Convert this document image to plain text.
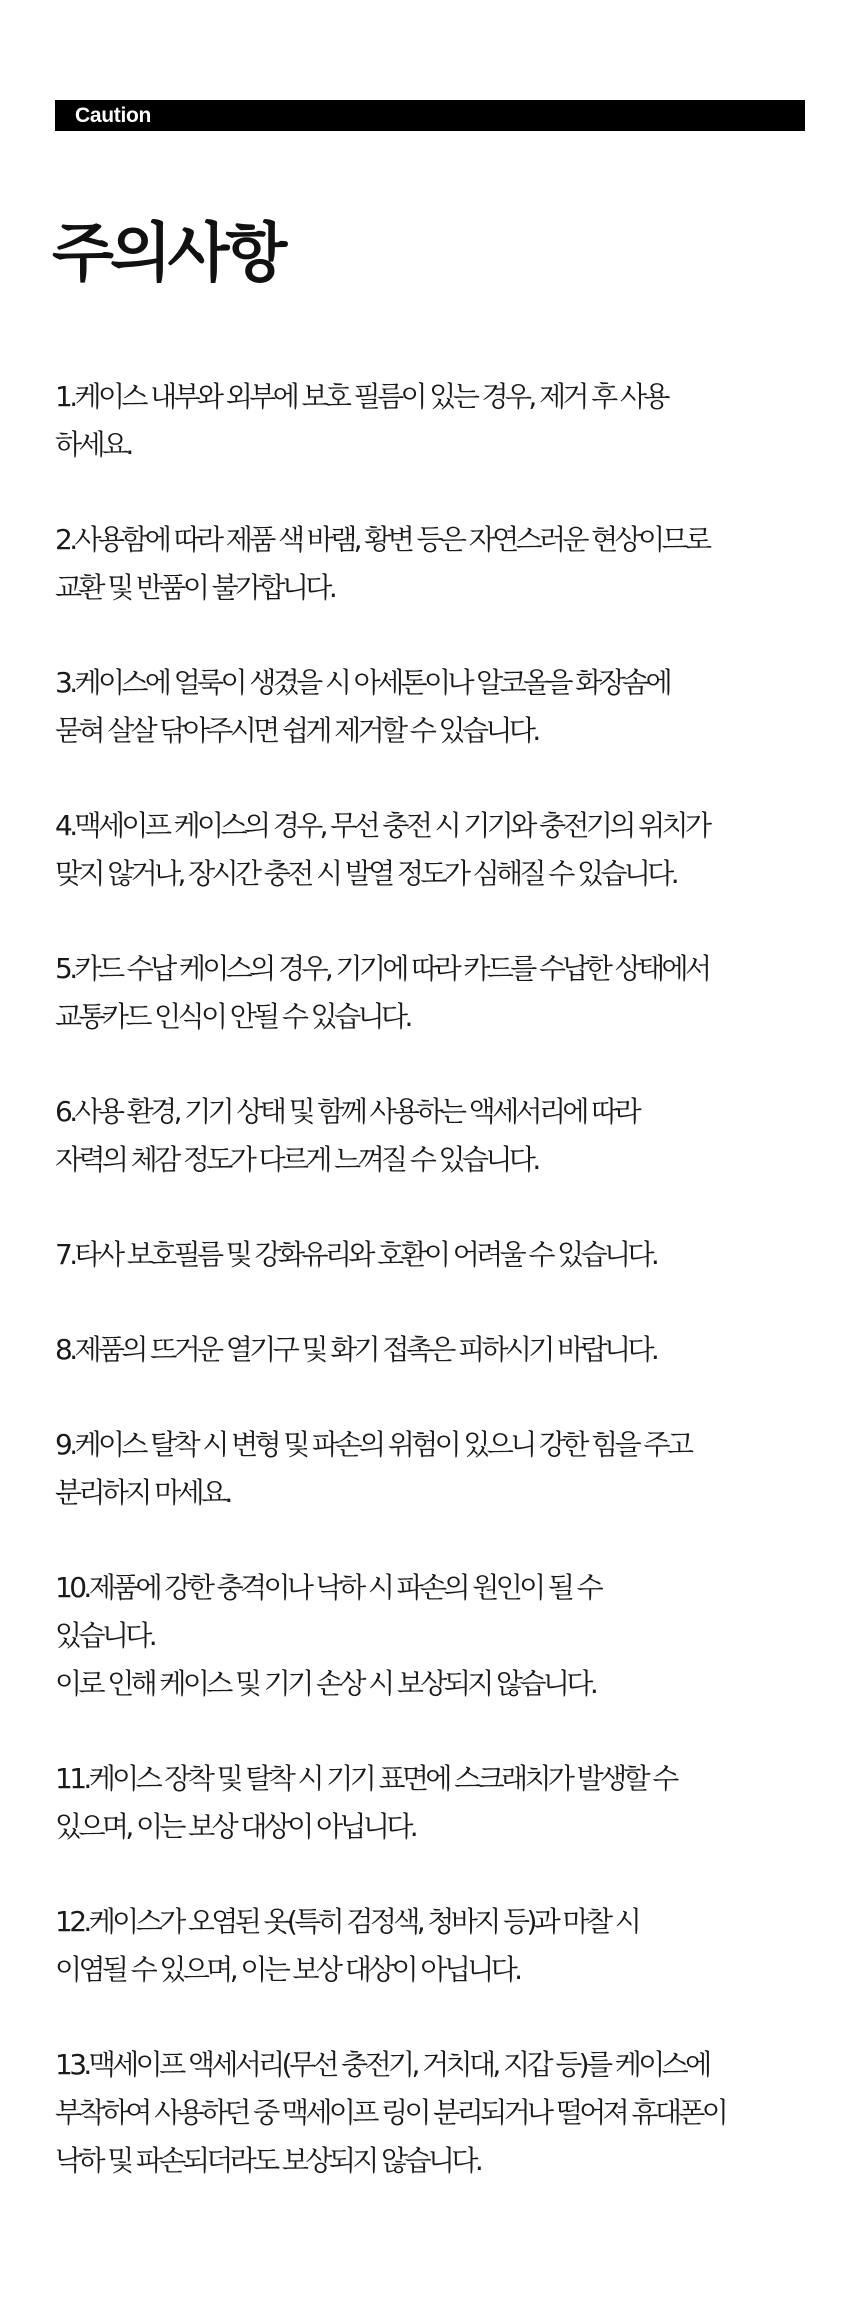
Caution
주의사항
1.케이스 내부와 외부에 보호 필름이 있는 경우, 제거 후 사용
하세요.
2.사용함에 따라 제품 색 바램, 황변 등은 자연스러운 현상이므로
교환 및 반품이 불가합니다.
3.케이스에 얼룩이 생겼을 시 아세톤이나 알코올을 화장솜에
묻혀 살살 닦아주시면 쉽게 제거할 수 있습니다.
4.맥세이프 케이스의 경우, 무선 충전 시 기기와 충전기의 위치가
맞지 않거나, 장시간 충전 시 발열 정도가 심해질 수 있습니다.
5.카드 수납 케이스의 경우, 기기에 따라 카드를 수납한 상태에서
교통카드 인식이 안될 수 있습니다.
6.사용 환경, 기기 상태 및 함께 사용하는 액세서리에 따라
자력의 체감 정도가 다르게 느껴질 수 있습니다.
7.타사 보호필름 및 강화유리와 호환이 어려울 수 있습니다.
8.제품의 뜨거운 열기구 및 화기 접촉은 피하시기 바랍니다.
9.케이스 탈착 시 변형 및 파손의 위험이 있으니 강한 힘을 주고
분리하지 마세요.
10.제품에 강한 충격이나 낙하 시 파손의 원인이 될 수
있습니다.
이로 인해 케이스 및 기기 손상 시 보상되지 않습니다.
11.케이스 장착 및 탈착 시 기기 표면에 스크래치가 발생할 수
있으며, 이는 보상 대상이 아닙니다.
12.케이스가 오염된 옷(특히 검정색, 청바지 등)과 마찰 시
이염될 수 있으며, 이는 보상 대상이 아닙니다.
13.맥세이프 액세서리(무선 충전기, 거치대, 지갑 등)를 케이스에
부착하여 사용하던 중 맥세이프 링이 분리되거나 떨어져 휴대폰이
낙하 및 파손되더라도 보상되지 않습니다.
